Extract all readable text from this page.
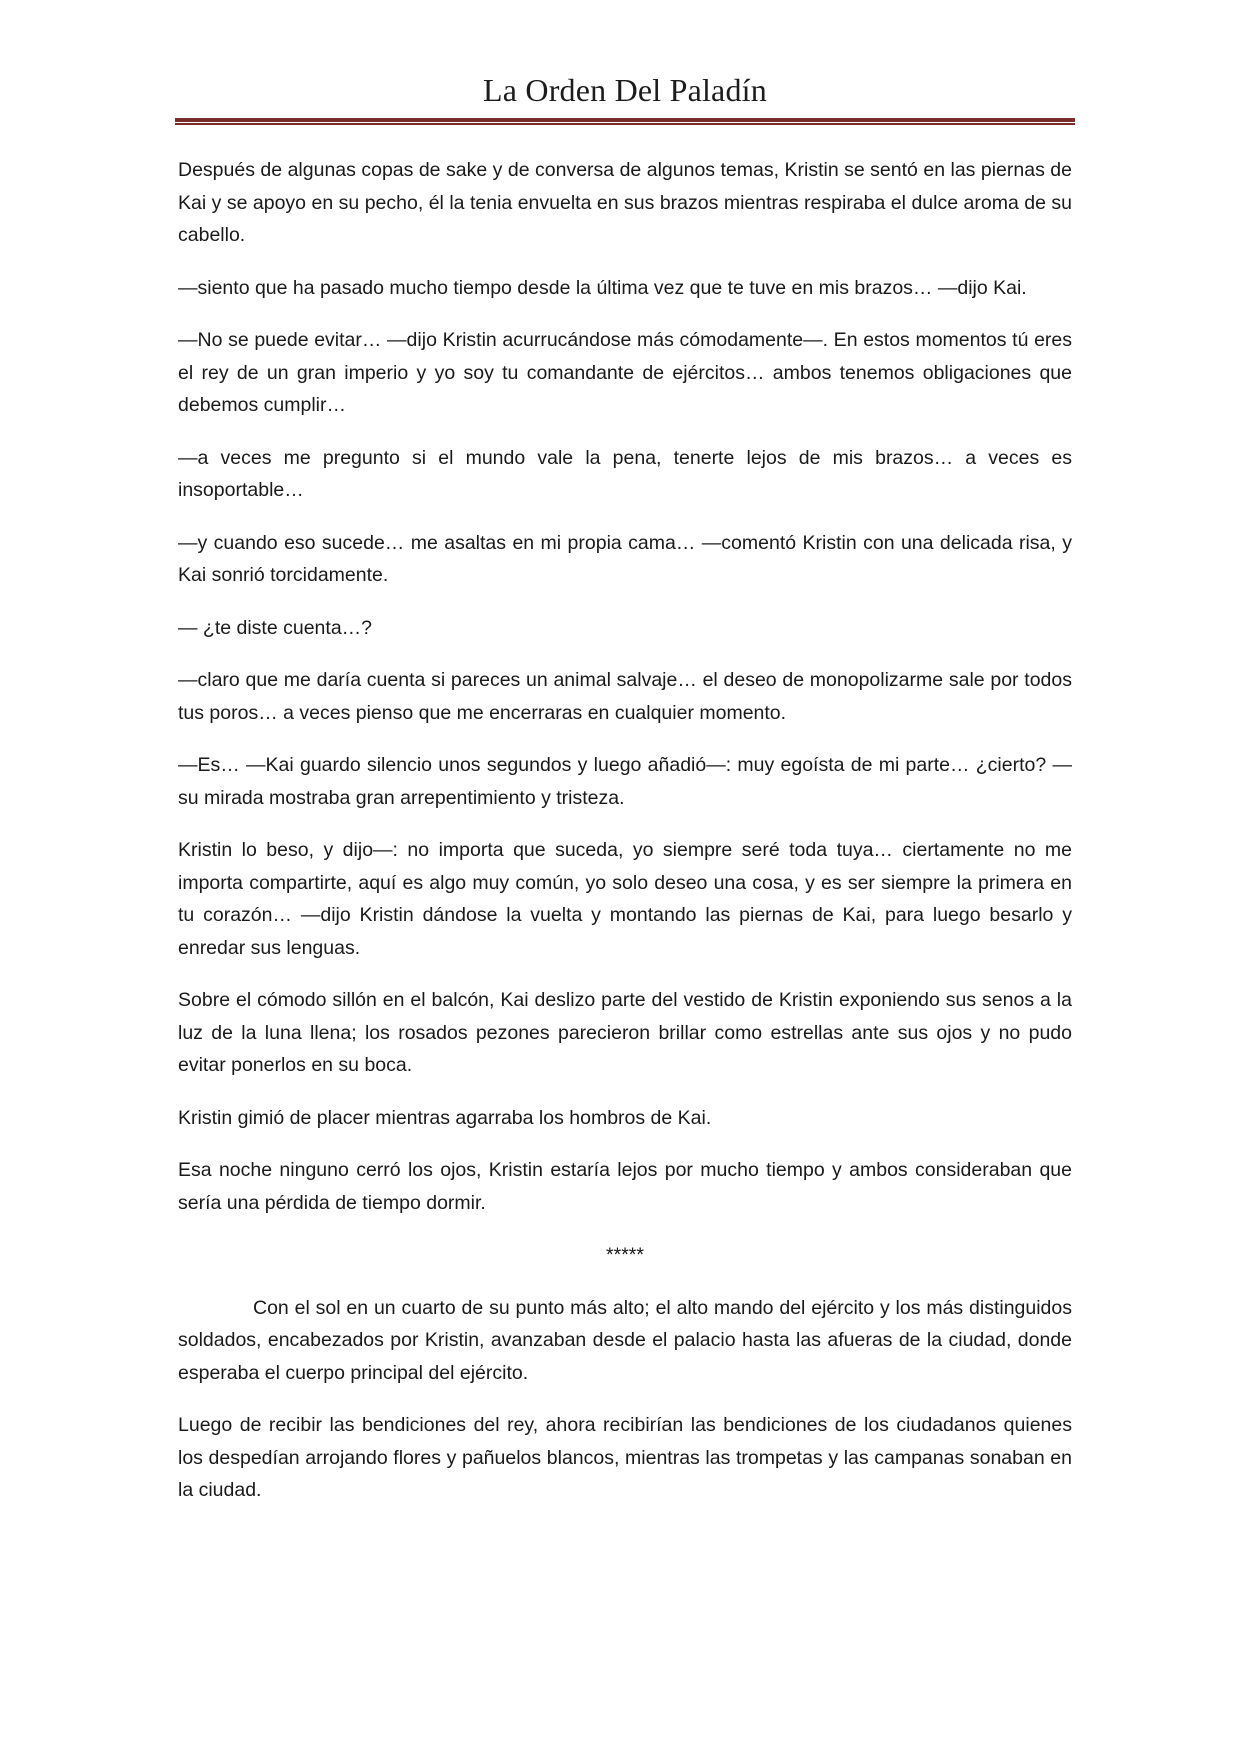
La Orden Del Paladín

Después de algunas copas de sake y de conversa de algunos temas, Kristin se sentó en las piernas de Kai y se apoyo en su pecho, él la tenia envuelta en sus brazos mientras respiraba el dulce aroma de su cabello.

—siento que ha pasado mucho tiempo desde la última vez que te tuve en mis brazos… —dijo Kai.

—No se puede evitar… —dijo Kristin acurrucándose más cómodamente—. En estos momentos tú eres el rey de un gran imperio y yo soy tu comandante de ejércitos… ambos tenemos obligaciones que debemos cumplir…

—a veces me pregunto si el mundo vale la pena, tenerte lejos de mis brazos… a veces es insoportable…

—y cuando eso sucede… me asaltas en mi propia cama… —comentó Kristin con una delicada risa, y Kai sonrió torcidamente.

— ¿te diste cuenta…?

—claro que me daría cuenta si pareces un animal salvaje… el deseo de monopolizarme sale por todos tus poros… a veces pienso que me encerraras en cualquier momento.

—Es… —Kai guardo silencio unos segundos y luego añadió—: muy egoísta de mi parte… ¿cierto? —su mirada mostraba gran arrepentimiento y tristeza.

Kristin lo beso, y dijo—: no importa que suceda, yo siempre seré toda tuya… ciertamente no me importa compartirte, aquí es algo muy común, yo solo deseo una cosa, y es ser siempre la primera en tu corazón… —dijo Kristin dándose la vuelta y montando las piernas de Kai, para luego besarlo y enredar sus lenguas.

Sobre el cómodo sillón en el balcón, Kai deslizo parte del vestido de Kristin exponiendo sus senos a la luz de la luna llena; los rosados pezones parecieron brillar como estrellas ante sus ojos y no pudo evitar ponerlos en su boca.

Kristin gimió de placer mientras agarraba los hombros de Kai.

Esa noche ninguno cerró los ojos, Kristin estaría lejos por mucho tiempo y ambos consideraban que sería una pérdida de tiempo dormir.

*****

Con el sol en un cuarto de su punto más alto; el alto mando del ejército y los más distinguidos soldados, encabezados por Kristin, avanzaban desde el palacio hasta las afueras de la ciudad, donde esperaba el cuerpo principal del ejército.

Luego de recibir las bendiciones del rey, ahora recibirían las bendiciones de los ciudadanos quienes los despedían arrojando flores y pañuelos blancos, mientras las trompetas y las campanas sonaban en la ciudad.
